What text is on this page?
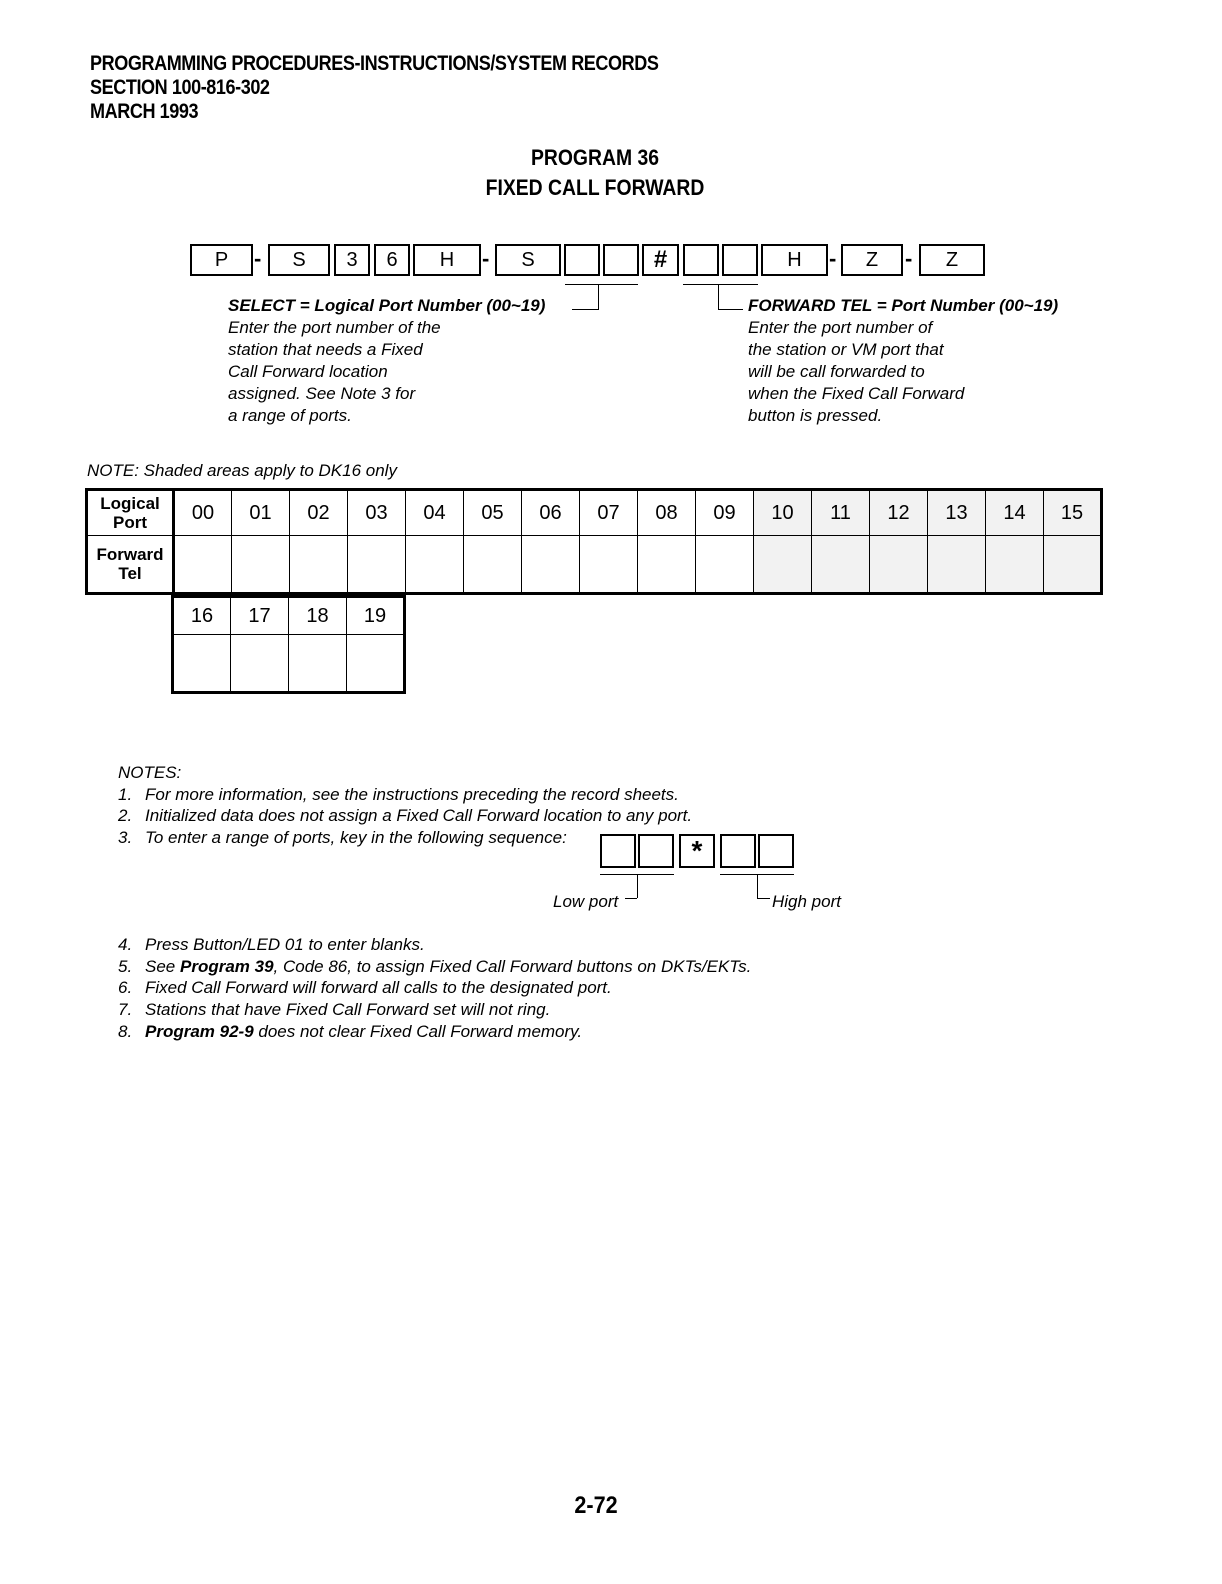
PROGRAMMING PROCEDURES-INSTRUCTIONS/SYSTEM RECORDS
SECTION 100-816-302
MARCH 1993
PROGRAM 36
FIXED CALL FORWARD
P	-	S	3	6	H	-	S	#	H	-	Z	-	Z
SELECT = Logical Port Number (00~19)
Enter the port number of the
station that needs a Fixed
Call Forward location
assigned. See Note 3 for
a range of ports.
FORWARD TEL = Port Number (00~19)
Enter the port number of
the station or VM port that
will be call forwarded to
when the Fixed Call Forward
button is pressed.
NOTE: Shaded areas apply to DK16 only
Logical
Port	00	01	02	03	04	05	06	07	08	09	10	11	12	13	14	15

Forward
Tel																

16	17	18	19

NOTES:
1. For more information, see the instructions preceding the record sheets.
2. Initialized data does not assign a Fixed Call Forward location to any port.
3. To enter a range of ports, key in the following sequence:	*
Low port	High port
4. Press Button/LED 01 to enter blanks.
5. See Program 39, Code 86, to assign Fixed Call Forward buttons on DKTs/EKTs.
6. Fixed Call Forward will forward all calls to the designated port.
7. Stations that have Fixed Call Forward set will not ring.
8. Program 92-9 does not clear Fixed Call Forward memory.
2-72
